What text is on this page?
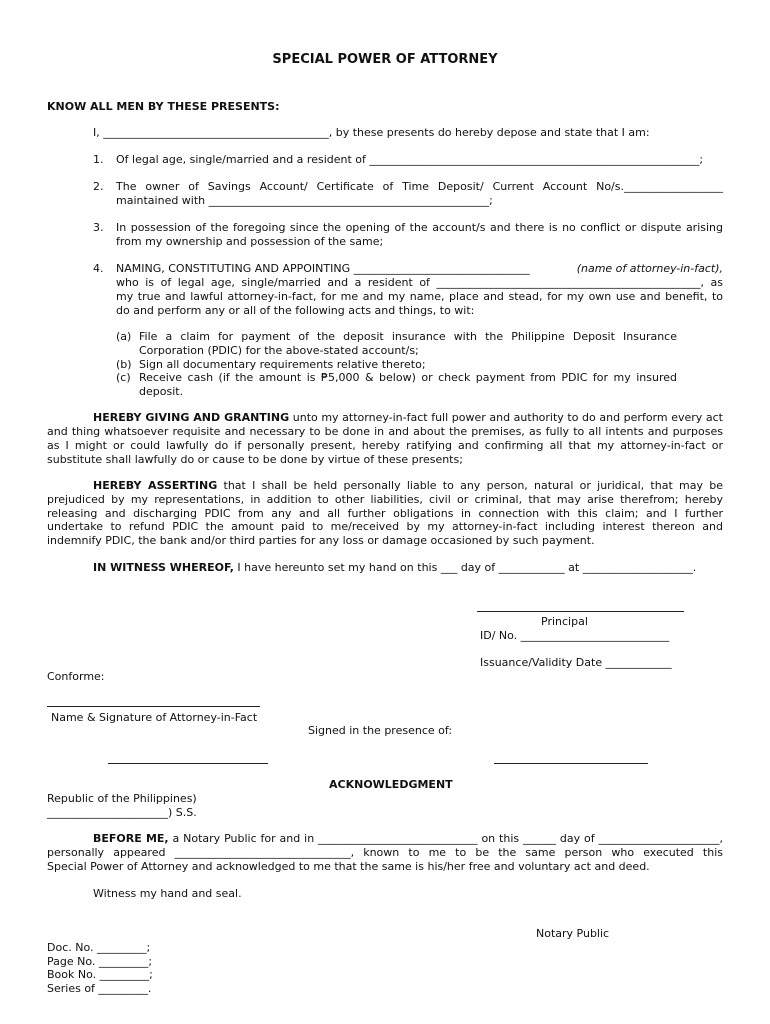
SPECIAL POWER OF ATTORNEY
KNOW ALL MEN BY THESE PRESENTS:
I, _________________________________________, by these presents do hereby depose and state that I am:
1. Of legal age, single/married and a resident of ____________________________________________________________;
2. The owner of Savings Account/ Certificate of Time Deposit/ Current Account No/s.__________________
maintained with ___________________________________________________;
3. In possession of the foregoing since the opening of the account/s and there is no conflict or dispute arising
from my ownership and possession of the same;
4. NAMING, CONSTITUTING AND APPOINTING ________________________________	(name of attorney-in-fact),
who is of legal age, single/married and a resident of ________________________________________________, as
my true and lawful attorney-in-fact, for me and my name, place and stead, for my own use and benefit, to
do and perform any or all of the following acts and things, to wit:
(a) File a claim for payment of the deposit insurance with the Philippine Deposit Insurance
Corporation (PDIC) for the above-stated account/s;
(b) Sign all documentary requirements relative thereto;
(c) Receive cash (if the amount is ₱5,000 & below) or check payment from PDIC for my insured
deposit.
HEREBY GIVING AND GRANTING unto my attorney-in-fact full power and authority to do and perform every act
and thing whatsoever requisite and necessary to be done in and about the premises, as fully to all intents and purposes
as I might or could lawfully do if personally present, hereby ratifying and confirming all that my attorney-in-fact or
substitute shall lawfully do or cause to be done by virtue of these presents;
HEREBY ASSERTING that I shall be held personally liable to any person, natural or juridical, that may be
prejudiced by my representations, in addition to other liabilities, civil or criminal, that may arise therefrom; hereby
releasing and discharging PDIC from any and all further obligations in connection with this claim; and I further
undertake to refund PDIC the amount paid to me/received by my attorney-in-fact including interest thereon and
indemnify PDIC, the bank and/or third parties for any loss or damage occasioned by such payment.
IN WITNESS WHEREOF, I have hereunto set my hand on this ___ day of ____________ at ____________________.
Principal
ID/ No. ___________________________
Issuance/Validity Date ____________
Conforme:
Name & Signature of Attorney-in-Fact
Signed in the presence of:
ACKNOWLEDGMENT
Republic of the Philippines)
______________________) S.S.
BEFORE ME, a Notary Public for and in _____________________________ on this ______ day of ______________________,
personally appeared ________________________________, known to me to be the same person who executed this
Special Power of Attorney and acknowledged to me that the same is his/her free and voluntary act and deed.
Witness my hand and seal.
Notary Public
Doc. No. _________;
Page No. _________;
Book No. _________;
Series of _________.
